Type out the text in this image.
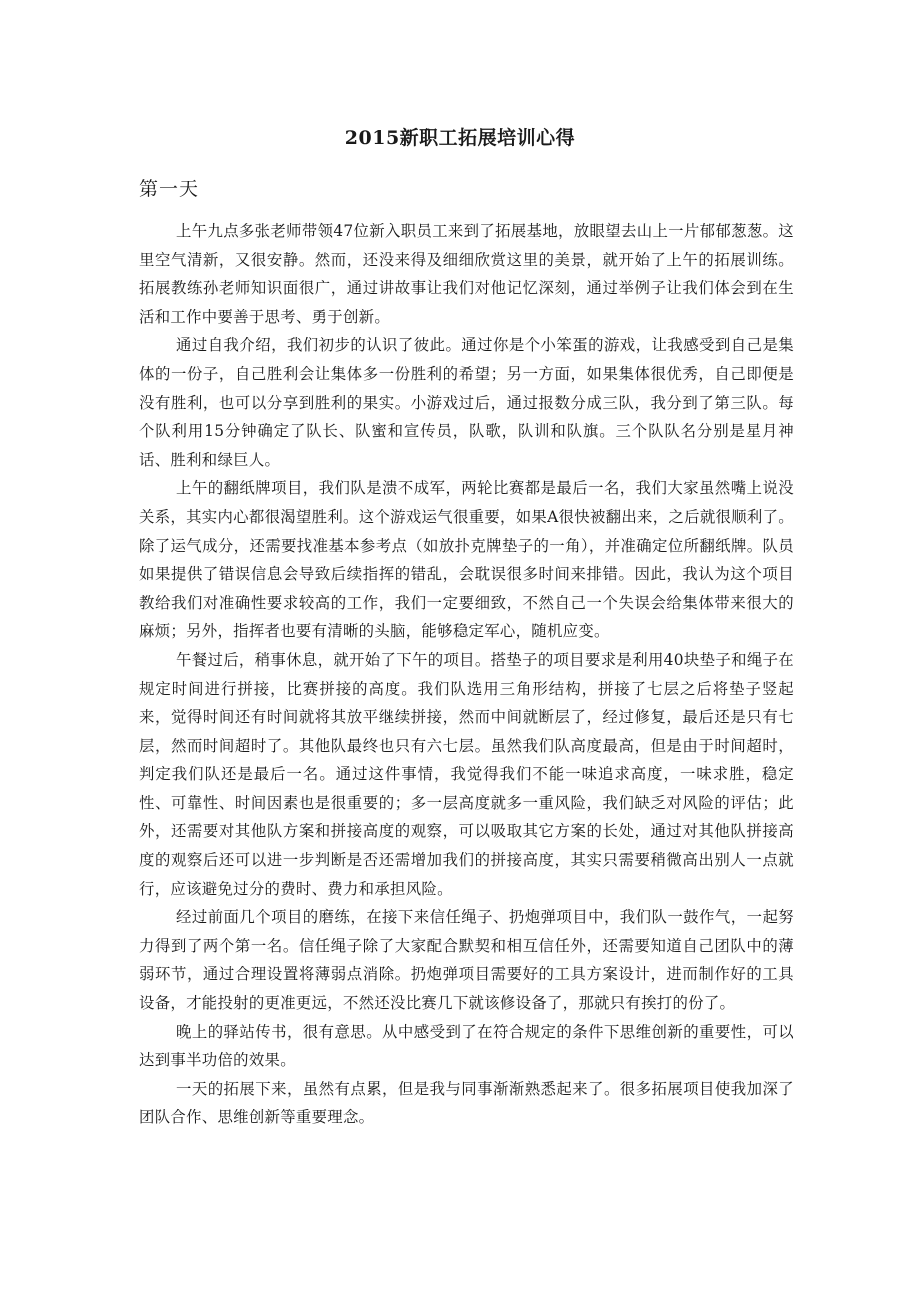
2015新职工拓展培训心得
第一天

上午九点多张老师带领47位新入职员工来到了拓展基地，放眼望去山上一片郁郁葱葱。这里空气清新，又很安静。然而，还没来得及细细欣赏这里的美景，就开始了上午的拓展训练。拓展教练孙老师知识面很广，通过讲故事让我们对他记忆深刻，通过举例子让我们体会到在生活和工作中要善于思考、勇于创新。

通过自我介绍，我们初步的认识了彼此。通过你是个小笨蛋的游戏，让我感受到自己是集体的一份子，自己胜利会让集体多一份胜利的希望；另一方面，如果集体很优秀，自己即便是没有胜利，也可以分享到胜利的果实。小游戏过后，通过报数分成三队，我分到了第三队。每个队利用15分钟确定了队长、队蜜和宣传员，队歌，队训和队旗。三个队队名分别是星月神话、胜利和绿巨人。

上午的翻纸牌项目，我们队是溃不成军，两轮比赛都是最后一名，我们大家虽然嘴上说没关系，其实内心都很渴望胜利。这个游戏运气很重要，如果A很快被翻出来，之后就很顺利了。除了运气成分，还需要找准基本参考点（如放扑克牌垫子的一角），并准确定位所翻纸牌。队员如果提供了错误信息会导致后续指挥的错乱，会耽误很多时间来排错。因此，我认为这个项目教给我们对准确性要求较高的工作，我们一定要细致，不然自己一个失误会给集体带来很大的麻烦；另外，指挥者也要有清晰的头脑，能够稳定军心，随机应变。

午餐过后，稍事休息，就开始了下午的项目。搭垫子的项目要求是利用40块垫子和绳子在规定时间进行拼接，比赛拼接的高度。我们队选用三角形结构，拼接了七层之后将垫子竖起来，觉得时间还有时间就将其放平继续拼接，然而中间就断层了，经过修复，最后还是只有七层，然而时间超时了。其他队最终也只有六七层。虽然我们队高度最高，但是由于时间超时，判定我们队还是最后一名。通过这件事情，我觉得我们不能一味追求高度，一味求胜，稳定性、可靠性、时间因素也是很重要的；多一层高度就多一重风险，我们缺乏对风险的评估；此外，还需要对其他队方案和拼接高度的观察，可以吸取其它方案的长处，通过对其他队拼接高度的观察后还可以进一步判断是否还需增加我们的拼接高度，其实只需要稍微高出别人一点就行，应该避免过分的费时、费力和承担风险。

经过前面几个项目的磨练，在接下来信任绳子、扔炮弹项目中，我们队一鼓作气，一起努力得到了两个第一名。信任绳子除了大家配合默契和相互信任外，还需要知道自己团队中的薄弱环节，通过合理设置将薄弱点消除。扔炮弹项目需要好的工具方案设计，进而制作好的工具设备，才能投射的更准更远，不然还没比赛几下就该修设备了，那就只有挨打的份了。

晚上的驿站传书，很有意思。从中感受到了在符合规定的条件下思维创新的重要性，可以达到事半功倍的效果。

一天的拓展下来，虽然有点累，但是我与同事渐渐熟悉起来了。很多拓展项目使我加深了团队合作、思维创新等重要理念。
